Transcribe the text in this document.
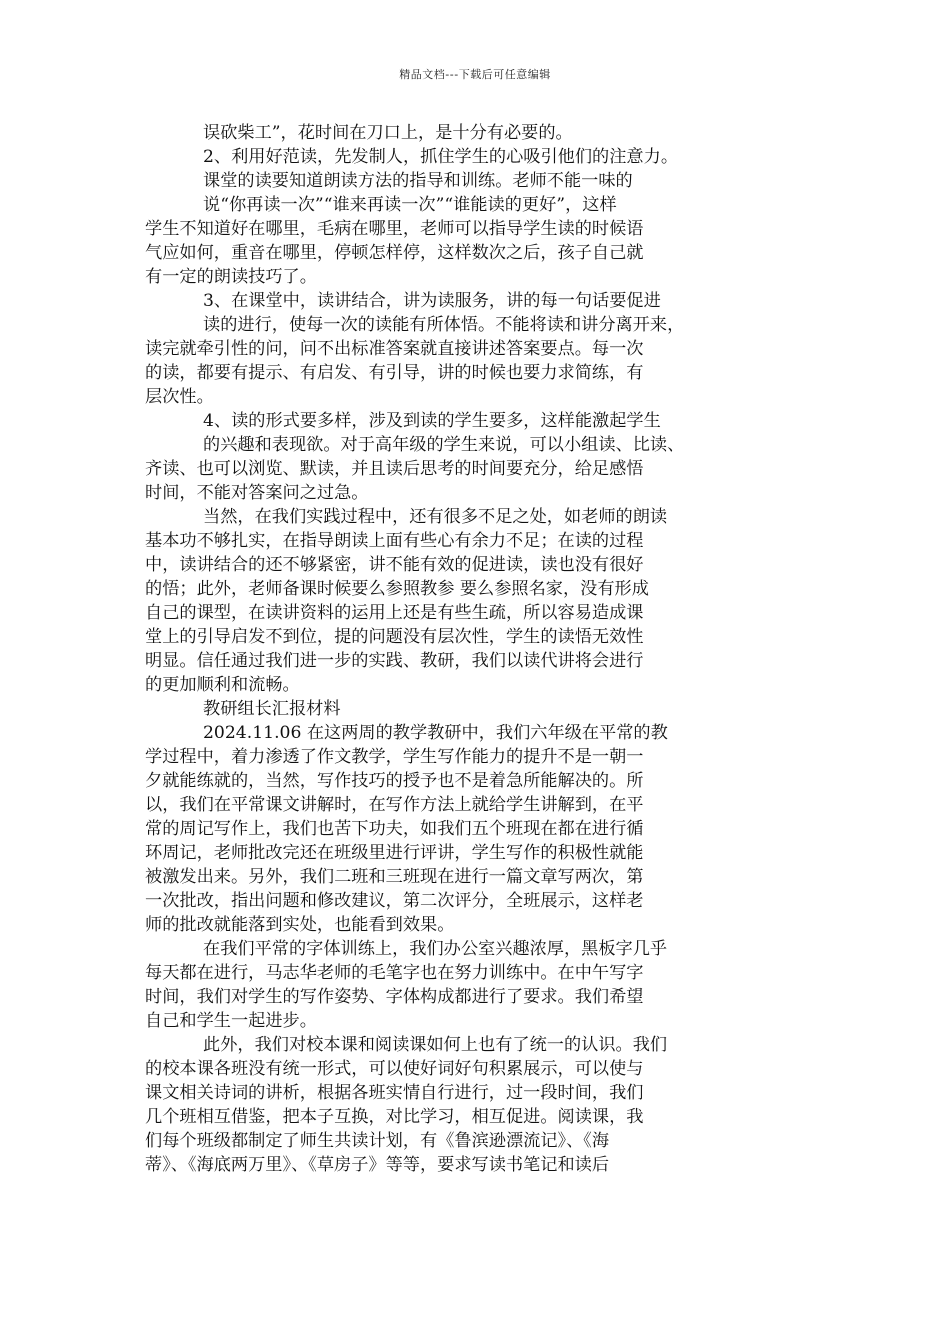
精品文档---下载后可任意编辑
误砍柴工”，花时间在刀口上，是十分有必要的。
2、利用好范读，先发制人，抓住学生的心吸引他们的注意力。
课堂的读要知道朗读方法的指导和训练。老师不能一味的
说“你再读一次”“谁来再读一次”“谁能读的更好”，这样
学生不知道好在哪里，毛病在哪里，老师可以指导学生读的时候语
气应如何，重音在哪里，停顿怎样停，这样数次之后，孩子自己就
有一定的朗读技巧了。
3、在课堂中，读讲结合，讲为读服务，讲的每一句话要促进
读的进行，使每一次的读能有所体悟。不能将读和讲分离开来，
读完就牵引性的问，问不出标准答案就直接讲述答案要点。每一次
的读，都要有提示、有启发、有引导，讲的时候也要力求简练，有
层次性。
4、读的形式要多样，涉及到读的学生要多，这样能激起学生
的兴趣和表现欲。对于高年级的学生来说，可以小组读、比读、
齐读、也可以浏览、默读，并且读后思考的时间要充分，给足感悟
时间，不能对答案问之过急。
当然，在我们实践过程中，还有很多不足之处，如老师的朗读
基本功不够扎实，在指导朗读上面有些心有余力不足；在读的过程
中，读讲结合的还不够紧密，讲不能有效的促进读，读也没有很好
的悟；此外，老师备课时候要么参照教参 要么参照名家，没有形成
自己的课型，在读讲资料的运用上还是有些生疏，所以容易造成课
堂上的引导启发不到位，提的问题没有层次性，学生的读悟无效性
明显。信任通过我们进一步的实践、教研，我们以读代讲将会进行
的更加顺利和流畅。
教研组长汇报材料
2024.11.06 在这两周的教学教研中，我们六年级在平常的教
学过程中，着力渗透了作文教学，学生写作能力的提升不是一朝一
夕就能练就的，当然，写作技巧的授予也不是着急所能解决的。所
以，我们在平常课文讲解时，在写作方法上就给学生讲解到，在平
常的周记写作上，我们也苦下功夫，如我们五个班现在都在进行循
环周记，老师批改完还在班级里进行评讲，学生写作的积极性就能
被激发出来。另外，我们二班和三班现在进行一篇文章写两次，第
一次批改，指出问题和修改建议，第二次评分，全班展示，这样老
师的批改就能落到实处，也能看到效果。
在我们平常的字体训练上，我们办公室兴趣浓厚，黑板字几乎
每天都在进行，马志华老师的毛笔字也在努力训练中。在中午写字
时间，我们对学生的写作姿势、字体构成都进行了要求。我们希望
自己和学生一起进步。
此外，我们对校本课和阅读课如何上也有了统一的认识。我们
的校本课各班没有统一形式，可以使好词好句积累展示，可以使与
课文相关诗词的讲析，根据各班实情自行进行，过一段时间，我们
几个班相互借鉴，把本子互换，对比学习，相互促进。阅读课，我
们每个班级都制定了师生共读计划，有《鲁滨逊漂流记》、《海
蒂》、《海底两万里》、《草房子》等等，要求写读书笔记和读后
